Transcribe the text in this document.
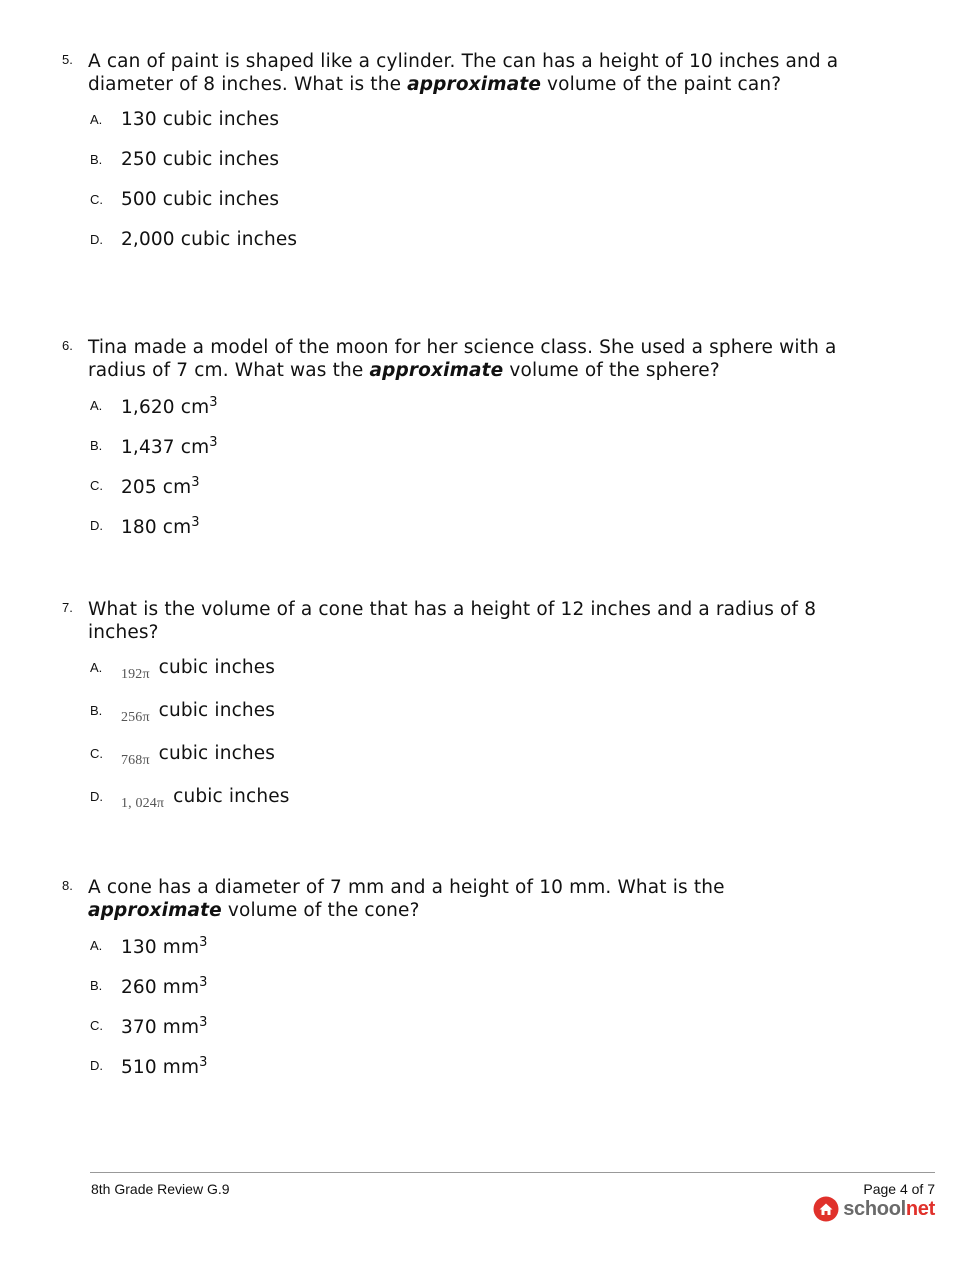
5. A can of paint is shaped like a cylinder. The can has a height of 10 inches and a diameter of 8 inches. What is the approximate volume of the paint can?
A. 130 cubic inches
B. 250 cubic inches
C. 500 cubic inches
D. 2,000 cubic inches
6. Tina made a model of the moon for her science class. She used a sphere with a radius of 7 cm. What was the approximate volume of the sphere?
A. 1,620 $cm^3$
B. 1,437 $cm^3$
C. 205 $cm^3$
D. 180 $cm^3$
7. What is the volume of a cone that has a height of 12 inches and a radius of 8 inches?
A. $_{192\pi}$ cubic inches
B. $_{256\pi}$ cubic inches
C. $_{768\pi}$ cubic inches
D. $_{1, 024\pi}$ cubic inches
8. A cone has a diameter of 7 mm and a height of 10 mm. What is the approximate volume of the cone?
A. 130 $mm^3$
B. 260 $mm^3$
C. 370 $mm^3$
D. 510 $mm^3$
8th Grade Review G.9	Page 4 of 7
schoolnet
